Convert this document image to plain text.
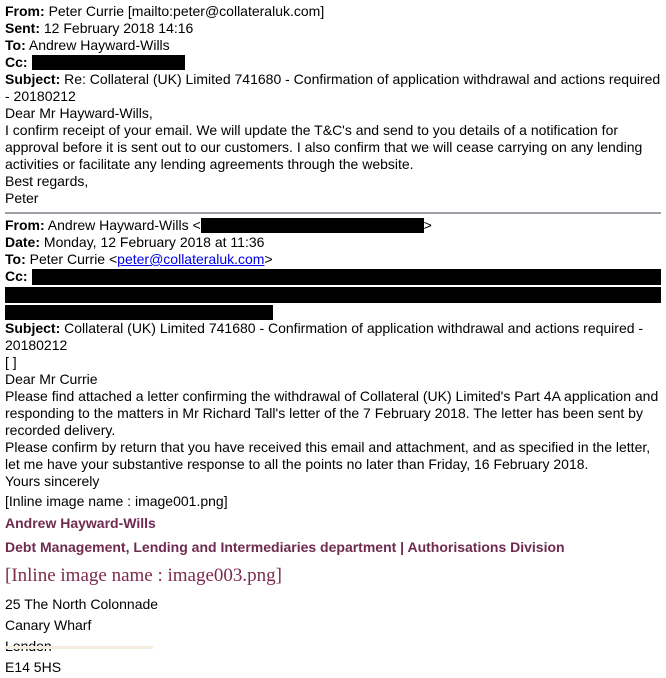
From: Peter Currie [mailto:peter@collateraluk.com]
Sent: 12 February 2018 14:16
To: Andrew Hayward-Wills
Cc:
Subject: Re: Collateral (UK) Limited 741680 - Confirmation of application withdrawal and actions required - 20180212
Dear Mr Hayward-Wills,
I confirm receipt of your email. We will update the T&C's and send to you details of a notification for approval before it is sent out to our customers. I also confirm that we will cease carrying on any lending activities or facilitate any lending agreements through the website.
Best regards,
Peter
From: Andrew Hayward-Wills <	>
Date: Monday, 12 February 2018 at 11:36
To: Peter Currie <peter@collateraluk.com>
Cc:
Subject: Collateral (UK) Limited 741680 - Confirmation of application withdrawal and actions required - 20180212
[ ]
Dear Mr Currie
Please find attached a letter confirming the withdrawal of Collateral (UK) Limited's Part 4A application and responding to the matters in Mr Richard Tall's letter of the 7 February 2018. The letter has been sent by recorded delivery.
Please confirm by return that you have received this email and attachment, and as specified in the letter, let me have your substantive response to all the points no later than Friday, 16 February 2018.
Yours sincerely
[Inline image name : image001.png]
Andrew Hayward-Wills
Debt Management, Lending and Intermediaries department | Authorisations Division
[Inline image name : image003.png]
25 The North Colonnade
Canary Wharf
E14 5HS
